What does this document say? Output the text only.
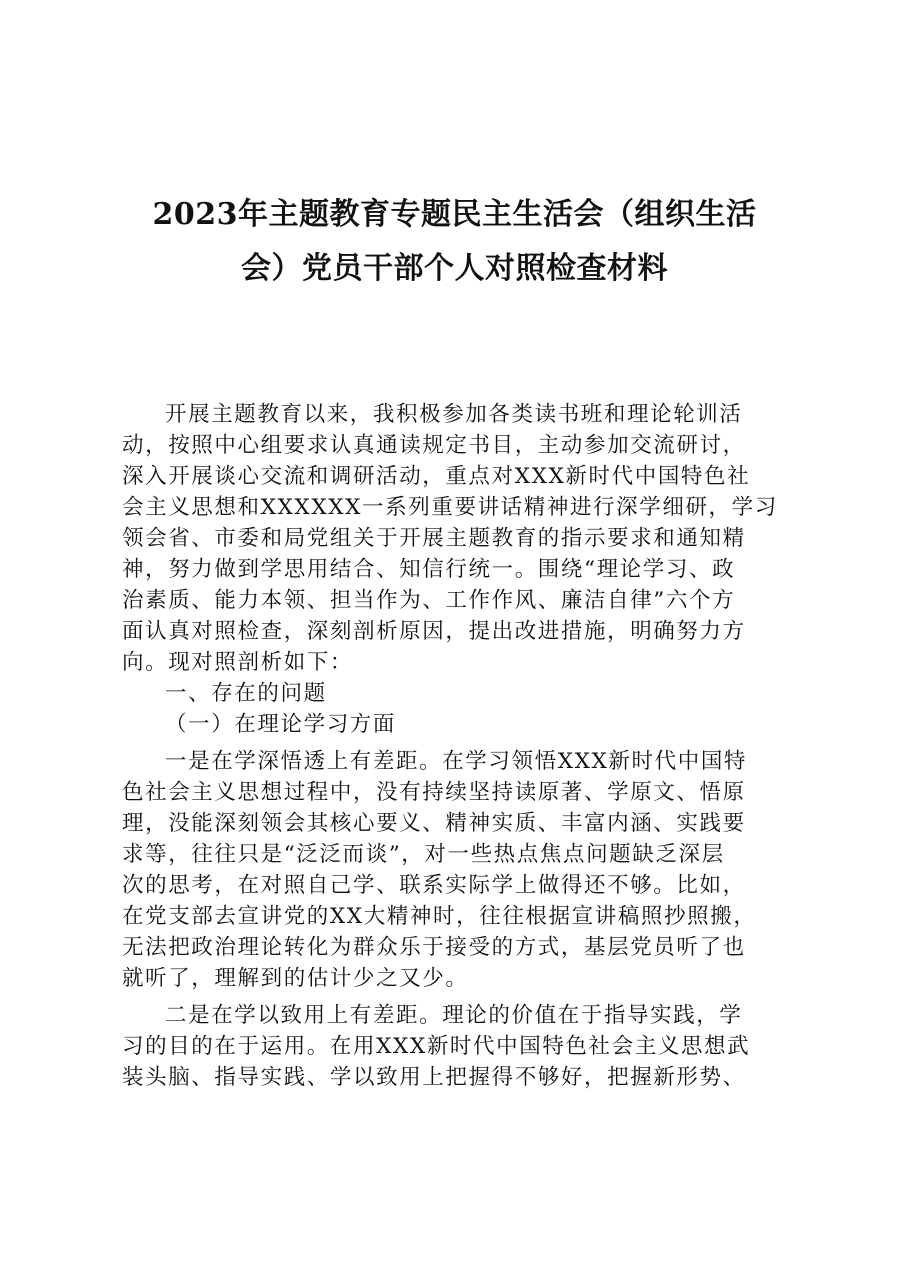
2023年主题教育专题民主生活会（组织生活
会）党员干部个人对照检查材料

开展主题教育以来，我积极参加各类读书班和理论轮训活
动，按照中心组要求认真通读规定书目，主动参加交流研讨，
深入开展谈心交流和调研活动，重点对XXX新时代中国特色社
会主义思想和XXXXXX一系列重要讲话精神进行深学细研，学习
领会省、市委和局党组关于开展主题教育的指示要求和通知精
神，努力做到学思用结合、知信行统一。围绕“理论学习、政
治素质、能力本领、担当作为、工作作风、廉洁自律”六个方
面认真对照检查，深刻剖析原因，提出改进措施，明确努力方
向。现对照剖析如下：

一、存在的问题

（一）在理论学习方面

一是在学深悟透上有差距。在学习领悟XXX新时代中国特
色社会主义思想过程中，没有持续坚持读原著、学原文、悟原
理，没能深刻领会其核心要义、精神实质、丰富内涵、实践要
求等，往往只是“泛泛而谈”，对一些热点焦点问题缺乏深层
次的思考，在对照自己学、联系实际学上做得还不够。比如，
在党支部去宣讲党的XX大精神时，往往根据宣讲稿照抄照搬，
无法把政治理论转化为群众乐于接受的方式，基层党员听了也
就听了，理解到的估计少之又少。

二是在学以致用上有差距。理论的价值在于指导实践，学
习的目的在于运用。在用XXX新时代中国特色社会主义思想武
装头脑、指导实践、学以致用上把握得不够好，把握新形势、
